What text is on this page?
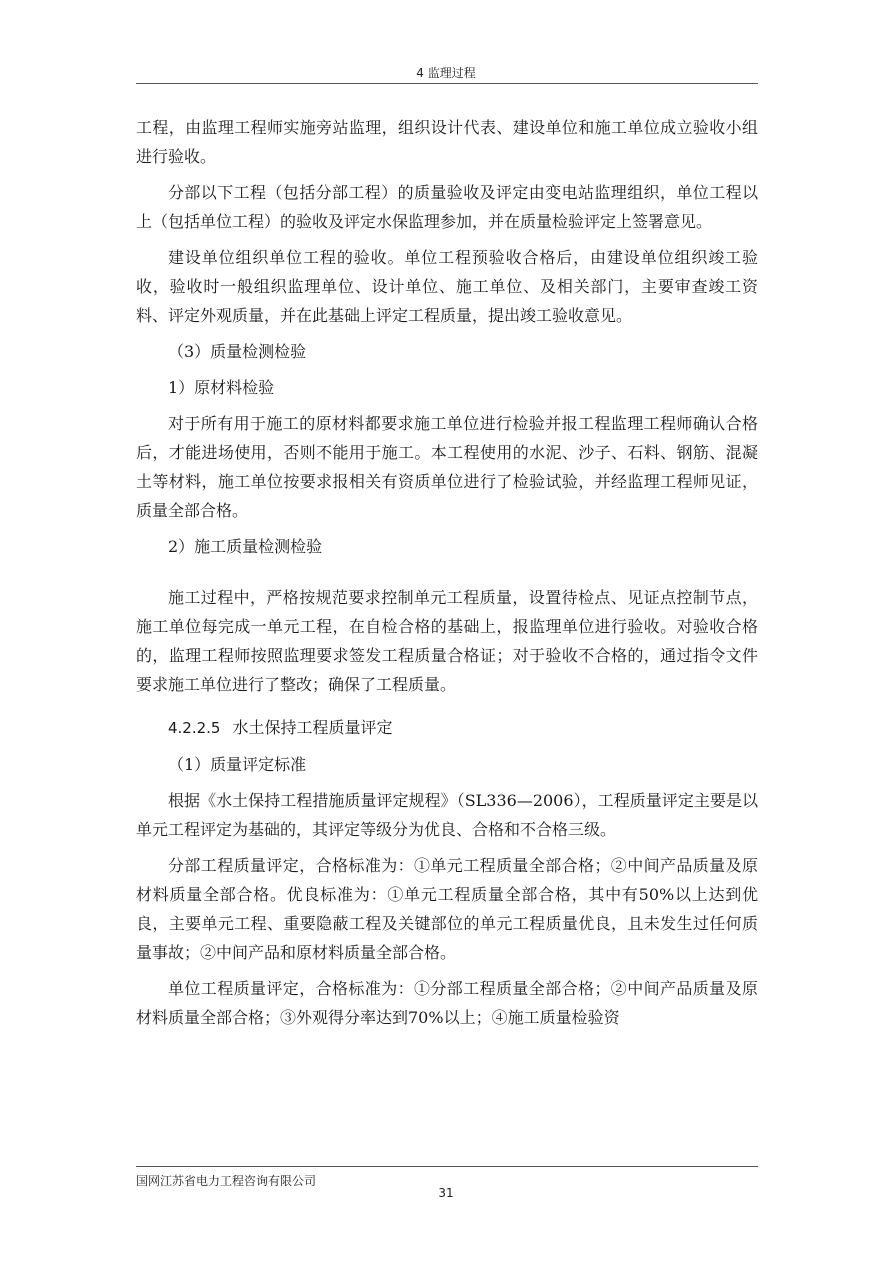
4 监理过程

工程，由监理工程师实施旁站监理，组织设计代表、建设单位和施工单位成立验收小组进行验收。

分部以下工程（包括分部工程）的质量验收及评定由变电站监理组织，单位工程以上（包括单位工程）的验收及评定水保监理参加，并在质量检验评定上签署意见。

建设单位组织单位工程的验收。单位工程预验收合格后，由建设单位组织竣工验收，验收时一般组织监理单位、设计单位、施工单位、及相关部门，主要审查竣工资料、评定外观质量，并在此基础上评定工程质量，提出竣工验收意见。

（3）质量检测检验

1）原材料检验

对于所有用于施工的原材料都要求施工单位进行检验并报工程监理工程师确认合格后，才能进场使用，否则不能用于施工。本工程使用的水泥、沙子、石料、钢筋、混凝土等材料，施工单位按要求报相关有资质单位进行了检验试验，并经监理工程师见证，质量全部合格。

2）施工质量检测检验

施工过程中，严格按规范要求控制单元工程质量，设置待检点、见证点控制节点，施工单位每完成一单元工程，在自检合格的基础上，报监理单位进行验收。对验收合格的，监理工程师按照监理要求签发工程质量合格证；对于验收不合格的，通过指令文件要求施工单位进行了整改；确保了工程质量。

4.2.2.5 水土保持工程质量评定

（1）质量评定标准

根据《水土保持工程措施质量评定规程》（SL336—2006），工程质量评定主要是以单元工程评定为基础的，其评定等级分为优良、合格和不合格三级。

分部工程质量评定，合格标准为：①单元工程质量全部合格；②中间产品质量及原材料质量全部合格。优良标准为：①单元工程质量全部合格，其中有50%以上达到优良，主要单元工程、重要隐蔽工程及关键部位的单元工程质量优良，且未发生过任何质量事故；②中间产品和原材料质量全部合格。

单位工程质量评定，合格标准为：①分部工程质量全部合格；②中间产品质量及原材料质量全部合格；③外观得分率达到70%以上；④施工质量检验资

国网江苏省电力工程咨询有限公司
31
